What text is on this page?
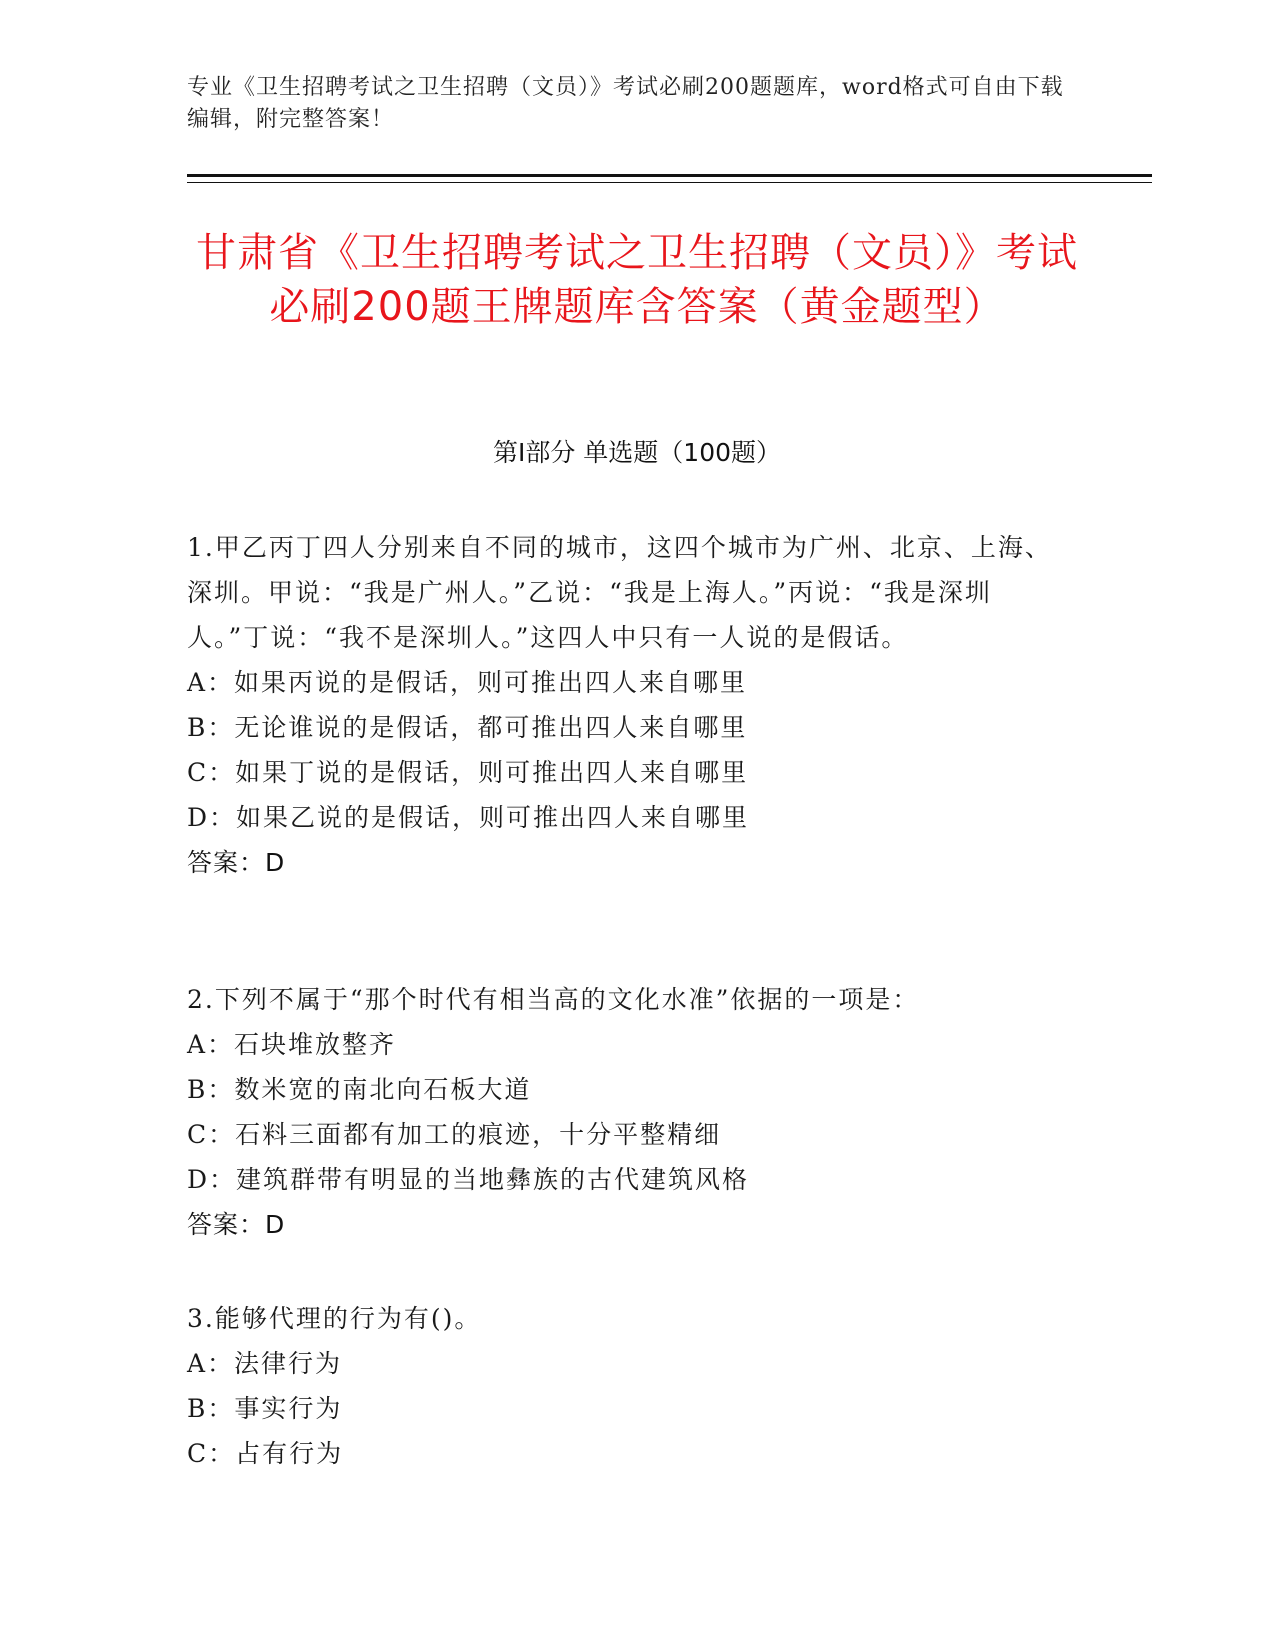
专业《卫生招聘考试之卫生招聘（文员）》考试必刷200题题库，word格式可自由下载编辑，附完整答案！
甘肃省《卫生招聘考试之卫生招聘（文员）》考试必刷200题王牌题库含答案（黄金题型）
第Ⅰ部分 单选题（100题）
1.甲乙丙丁四人分别来自不同的城市，这四个城市为广州、北京、上海、深圳。甲说：“我是广州人。”乙说：“我是上海人。”丙说：“我是深圳人。”丁说：“我不是深圳人。”这四人中只有一人说的是假话。
A：如果丙说的是假话，则可推出四人来自哪里
B：无论谁说的是假话，都可推出四人来自哪里
C：如果丁说的是假话，则可推出四人来自哪里
D：如果乙说的是假话，则可推出四人来自哪里
答案：D
2.下列不属于“那个时代有相当高的文化水准”依据的一项是：
A：石块堆放整齐
B：数米宽的南北向石板大道
C：石料三面都有加工的痕迹，十分平整精细
D：建筑群带有明显的当地彝族的古代建筑风格
答案：D
3.能够代理的行为有()。
A：法律行为
B：事实行为
C：占有行为
